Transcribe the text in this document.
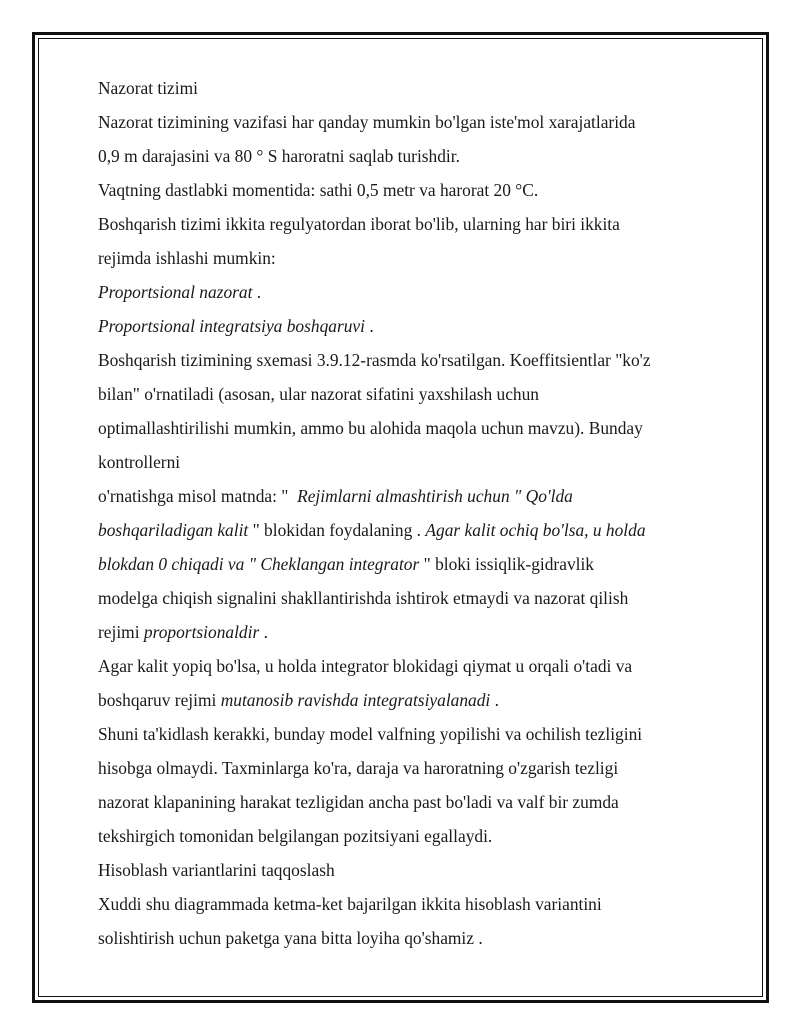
Nazorat tizimi

Nazorat tizimining vazifasi har qanday mumkin bo'lgan iste'mol xarajatlarida

0,9 m darajasini va 80 ° S haroratni saqlab turishdir.

Vaqtning dastlabki momentida: sathi 0,5 metr va harorat 20 °C.

Boshqarish tizimi ikkita regulyatordan iborat bo'lib, ularning har biri ikkita

rejimda ishlashi mumkin:

Proportsional nazorat .

Proportsional integratsiya boshqaruvi .

Boshqarish tizimining sxemasi 3.9.12-rasmda ko'rsatilgan. Koeffitsientlar "ko'z

bilan" o'rnatiladi (asosan, ular nazorat sifatini yaxshilash uchun

optimallashtirilishi mumkin, ammo bu alohida maqola uchun mavzu). Bunday

kontrollerni

o'rnatishga misol matnda: " Rejimlarni almashtirish uchun " Qo'lda

boshqariladigan kalit " blokidan foydalaning . Agar kalit ochiq bo'lsa, u holda

blokdan 0 chiqadi va " Cheklangan integrator " bloki issiqlik-gidravlik

modelga chiqish signalini shakllantirishda ishtirok etmaydi va nazorat qilish

rejimi proportsionaldir .

Agar kalit yopiq bo'lsa, u holda integrator blokidagi qiymat u orqali o'tadi va

boshqaruv rejimi mutanosib ravishda integratsiyalanadi .

Shuni ta'kidlash kerakki, bunday model valfning yopilishi va ochilish tezligini

hisobga olmaydi. Taxminlarga ko'ra, daraja va haroratning o'zgarish tezligi

nazorat klapanining harakat tezligidan ancha past bo'ladi va valf bir zumda

tekshirgich tomonidan belgilangan pozitsiyani egallaydi.

Hisoblash variantlarini taqqoslash

Xuddi shu diagrammada ketma-ket bajarilgan ikkita hisoblash variantini

solishtirish uchun paketga yana bitta loyiha qo'shamiz .
